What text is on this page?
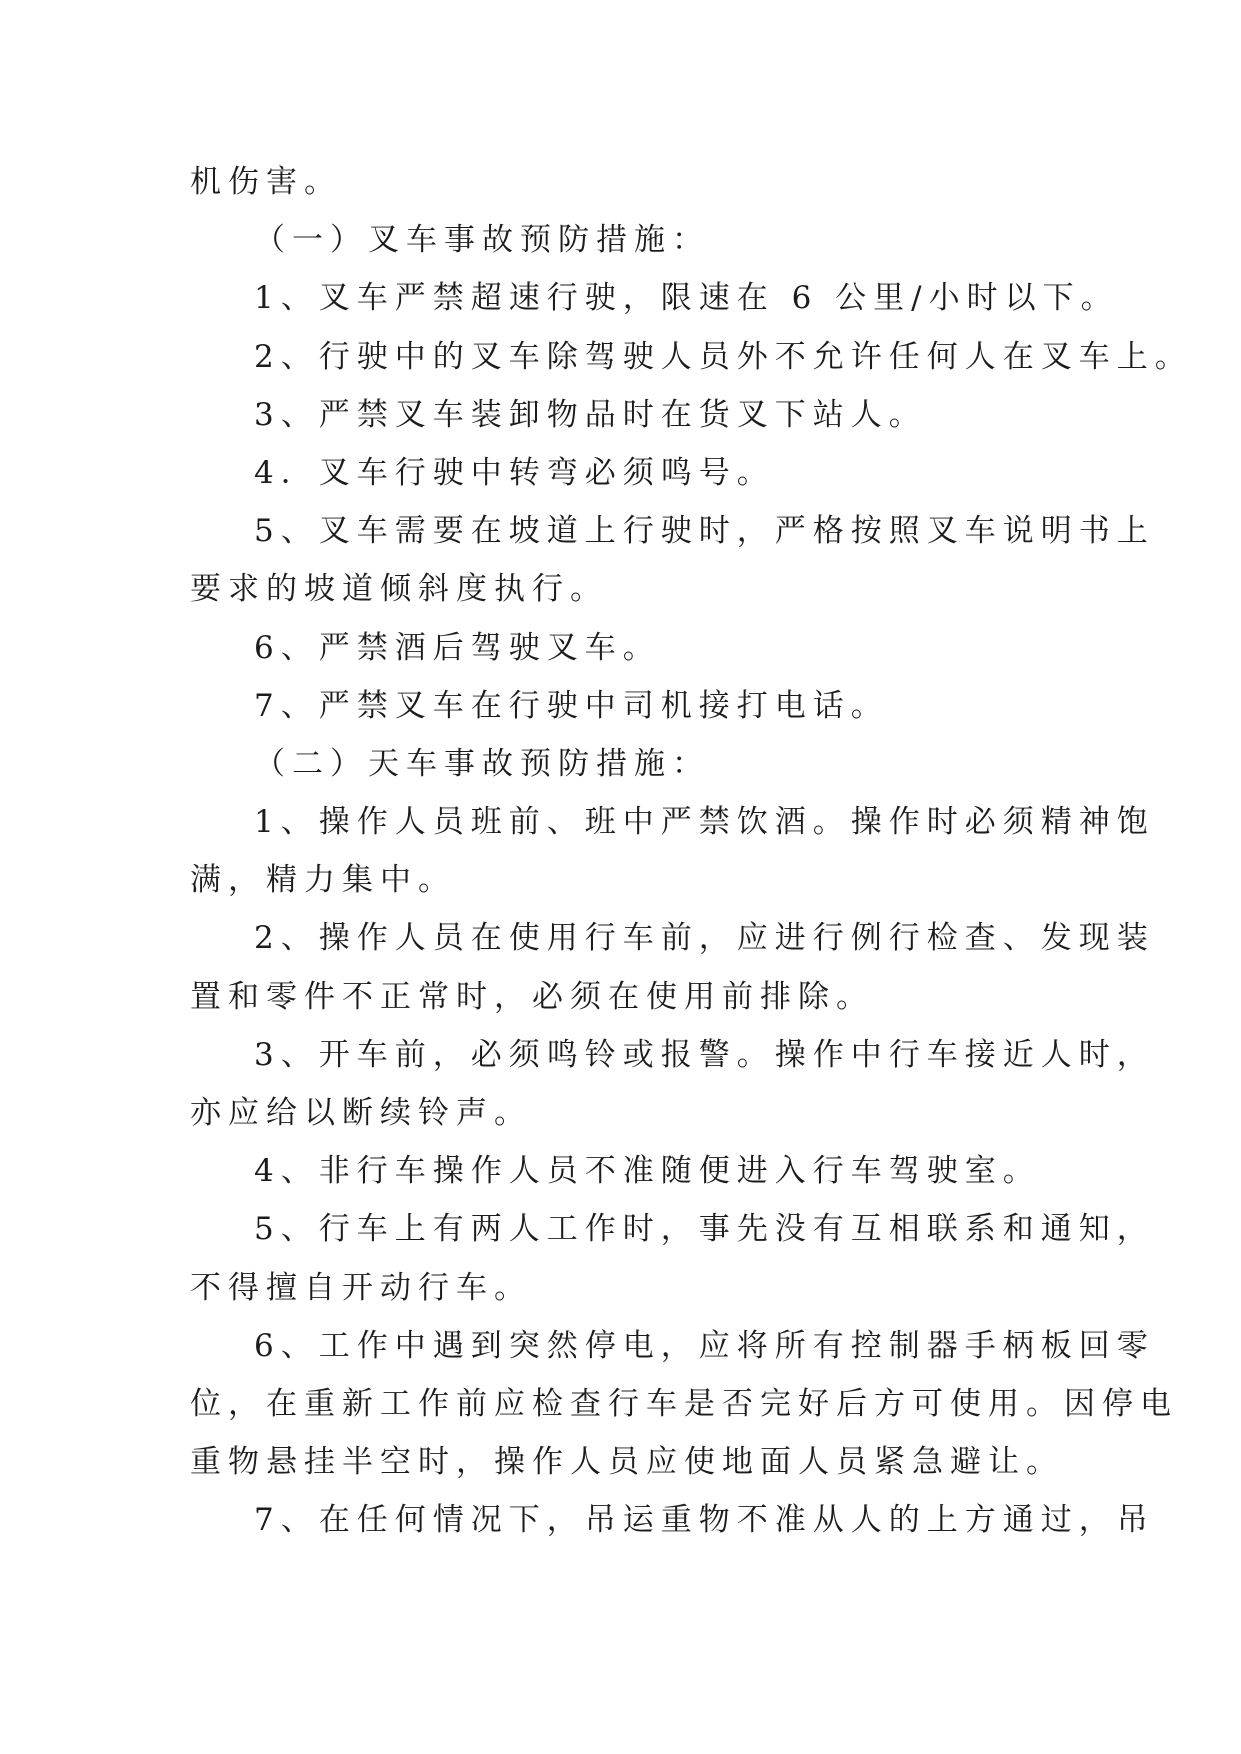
机伤害。
（一）叉车事故预防措施：
1、叉车严禁超速行驶，限速在 6 公里/小时以下。
2、行驶中的叉车除驾驶人员外不允许任何人在叉车上。
3、严禁叉车装卸物品时在货叉下站人。
4．叉车行驶中转弯必须鸣号。
5、叉车需要在坡道上行驶时，严格按照叉车说明书上
要求的坡道倾斜度执行。
6、严禁酒后驾驶叉车。
7、严禁叉车在行驶中司机接打电话。
（二）天车事故预防措施：
1、操作人员班前、班中严禁饮酒。操作时必须精神饱
满，精力集中。
2、操作人员在使用行车前，应进行例行检查、发现装
置和零件不正常时，必须在使用前排除。
3、开车前，必须鸣铃或报警。操作中行车接近人时，
亦应给以断续铃声。
4、非行车操作人员不准随便进入行车驾驶室。
5、行车上有两人工作时，事先没有互相联系和通知，
不得擅自开动行车。
6、工作中遇到突然停电，应将所有控制器手柄板回零
位，在重新工作前应检查行车是否完好后方可使用。因停电
重物悬挂半空时，操作人员应使地面人员紧急避让。
7、在任何情况下，吊运重物不准从人的上方通过，吊
